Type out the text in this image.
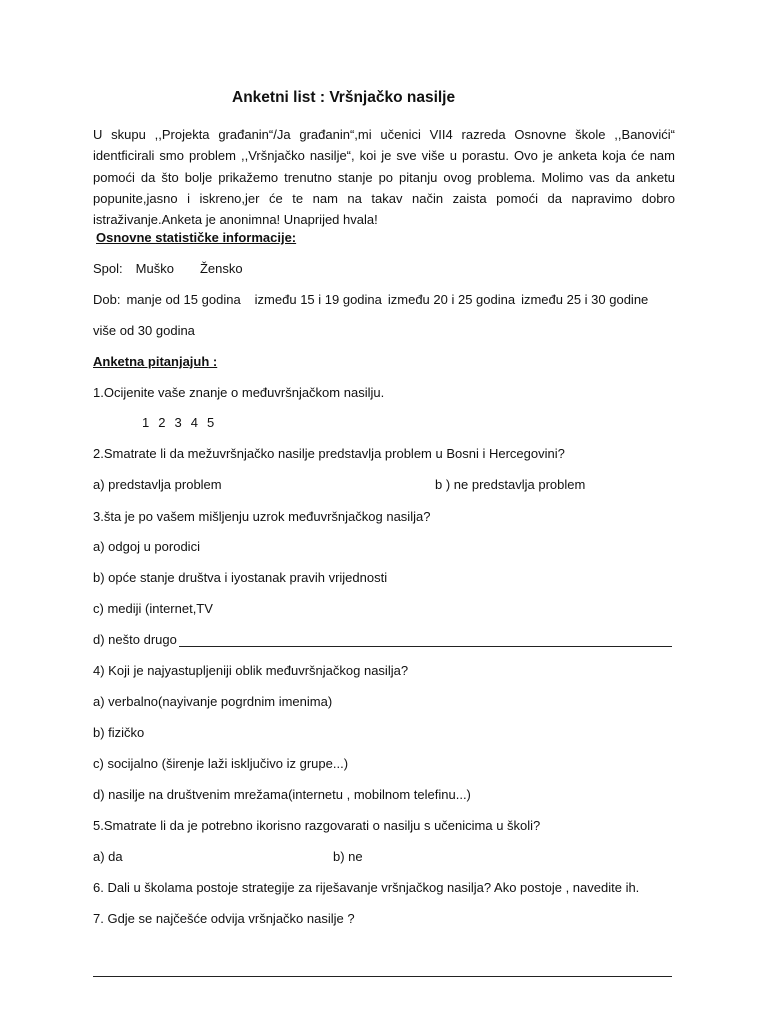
Anketni list : Vršnjačko nasilje
U skupu ,,Projekta građanin“/Ja građanin“,mi učenici VII4 razreda Osnovne škole ,,Banovići“
identficirali smo problem ,,Vršnjačko nasilje“, koi je sve više u porastu. Ovo je anketa koja će nam
pomoći da što bolje prikažemo trenutno stanje po pitanju ovog problema. Molimo vas da anketu
popunite,jasno i iskreno,jer će te nam na takav način zaista pomoći da napravimo dobro
istraživanje.Anketa je anonimna! Unaprijed hvala!
Osnovne statističke informacije:
Spol: Muško Žensko
Dob: manje od 15 godina između 15 i 19 godina između 20 i 25 godina između 25 i 30 godine
više od 30 godina
Anketna pitanjajuh :
1.Ocijenite vaše znanje o međuvršnjačkom nasilju.
1 2 3 4 5
2.Smatrate li da mežuvršnjačko nasilje predstavlja problem u Bosni i Hercegovini?
a) predstavlja problem	b ) ne predstavlja problem
3.šta je po vašem mišljenju uzrok međuvršnjačkog nasilja?
a) odgoj u porodici
b) opće stanje društva i iyostanak pravih vrijednosti
c) mediji (internet,TV
d) nešto drugo
4) Koji je najyastupljeniji oblik međuvršnjačkog nasilja?
a) verbalno(nayivanje pogrdnim imenima)
b) fizičko
c) socijalno (širenje laži isključivo iz grupe...)
d) nasilje na društvenim mrežama(internetu , mobilnom telefinu...)
5.Smatrate li da je potrebno ikorisno razgovarati o nasilju s učenicima u školi?
a) da	b) ne
6. Dali u školama postoje strategije za riješavanje vršnjačkog nasilja? Ako postoje , navedite ih.
7. Gdje se najčešće odvija vršnjačko nasilje ?
